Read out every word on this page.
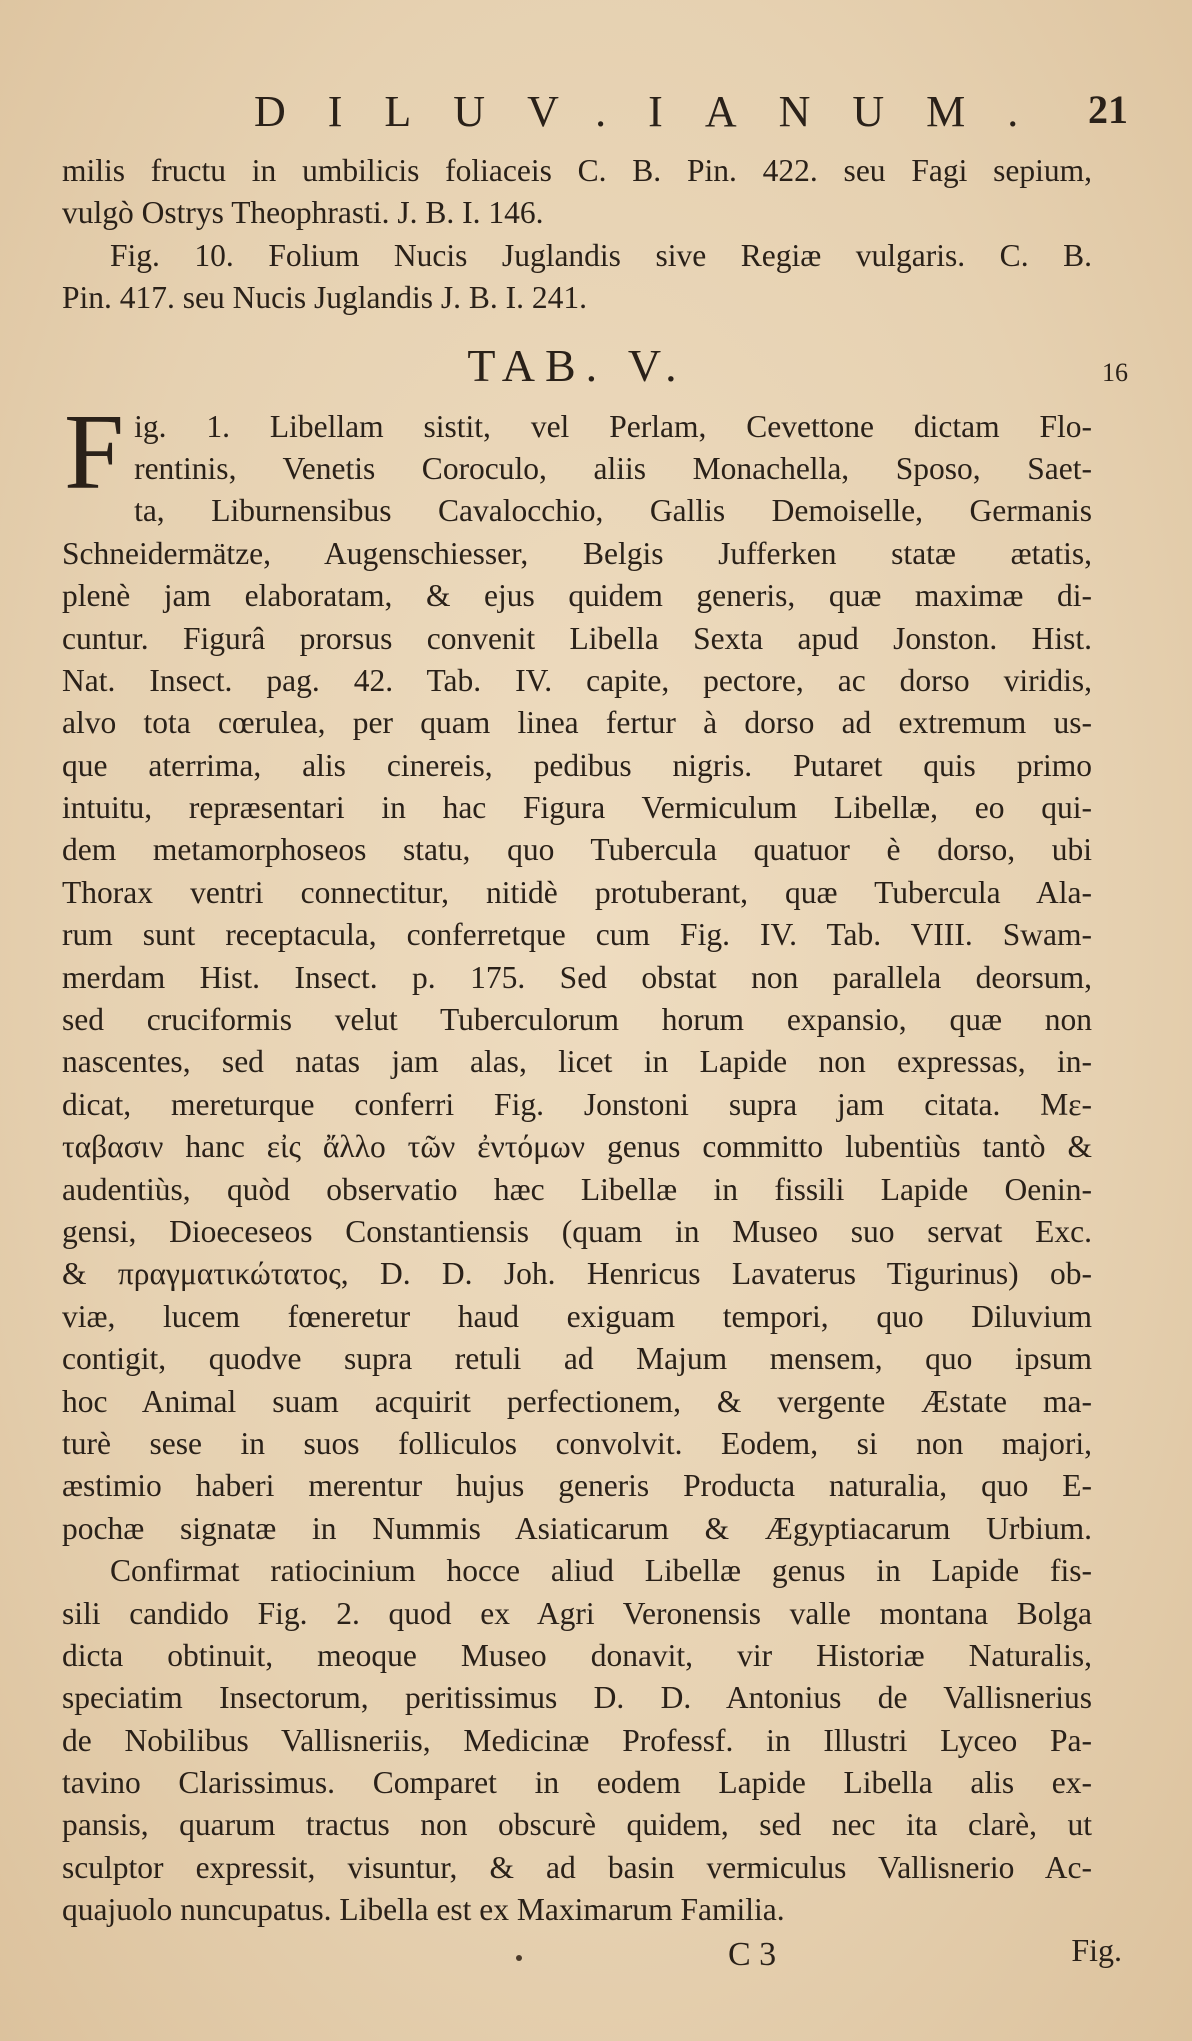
DILUV.IANUM. 21
16
milis fructu in umbilicis foliaceis C. B. Pin. 422. seu Fagi sepium,
vulgò Ostrys Theophrasti. J. B. I. 146.
Fig. 10. Folium Nucis Juglandis sive Regiæ vulgaris. C. B.
Pin. 417. seu Nucis Juglandis J. B. I. 241.
TAB. V.
F ig. 1. Libellam sistit, vel Perlam, Cevettone dictam Flo-
rentinis, Venetis Coroculo, aliis Monachella, Sposo, Saet-
ta, Liburnensibus Cavalocchio, Gallis Demoiselle, Germanis
Schneidermätze, Augenschiesser, Belgis Jufferken statæ ætatis,
plenè jam elaboratam, & ejus quidem generis, quæ maximæ di-
cuntur. Figurâ prorsus convenit Libella Sexta apud Jonston. Hist.
Nat. Insect. pag. 42. Tab. IV. capite, pectore, ac dorso viridis,
alvo tota cœrulea, per quam linea fertur à dorso ad extremum us-
que aterrima, alis cinereis, pedibus nigris. Putaret quis primo
intuitu, repræsentari in hac Figura Vermiculum Libellæ, eo qui-
dem metamorphoseos statu, quo Tubercula quatuor è dorso, ubi
Thorax ventri connectitur, nitidè protuberant, quæ Tubercula Ala-
rum sunt receptacula, conferretque cum Fig. IV. Tab. VIII. Swam-
merdam Hist. Insect. p. 175. Sed obstat non parallela deorsum,
sed cruciformis velut Tuberculorum horum expansio, quæ non
nascentes, sed natas jam alas, licet in Lapide non expressas, in-
dicat, mereturque conferri Fig. Jonstoni supra jam citata. Με-
ταβασιν hanc εἰς ἄλλο τῶν ἐντόμων genus committo lubentiùs tantò &
audentiùs, quòd observatio hæc Libellæ in fissili Lapide Oenin-
gensi, Dioeceseos Constantiensis (quam in Museo suo servat Exc.
& πραγματικώτατος, D. D. Joh. Henricus Lavaterus Tigurinus) ob-
viæ, lucem fœneretur haud exiguam tempori, quo Diluvium
contigit, quodve supra retuli ad Majum mensem, quo ipsum
hoc Animal suam acquirit perfectionem, & vergente Æstate ma-
turè sese in suos folliculos convolvit. Eodem, si non majori,
æstimio haberi merentur hujus generis Producta naturalia, quo E-
pochæ signatæ in Nummis Asiaticarum & Ægyptiacarum Urbium.
Confirmat ratiocinium hocce aliud Libellæ genus in Lapide fis-
sili candido Fig. 2. quod ex Agri Veronensis valle montana Bolga
dicta obtinuit, meoque Museo donavit, vir Historiæ Naturalis,
speciatim Insectorum, peritissimus D. D. Antonius de Vallisnerius
de Nobilibus Vallisneriis, Medicinæ Professf. in Illustri Lyceo Pa-
tavino Clarissimus. Comparet in eodem Lapide Libella alis ex-
pansis, quarum tractus non obscurè quidem, sed nec ita clarè, ut
sculptor expressit, visuntur, & ad basin vermiculus Vallisnerio Ac-
quajuolo nuncupatus. Libella est ex Maximarum Familia.
C 3	Fig.
